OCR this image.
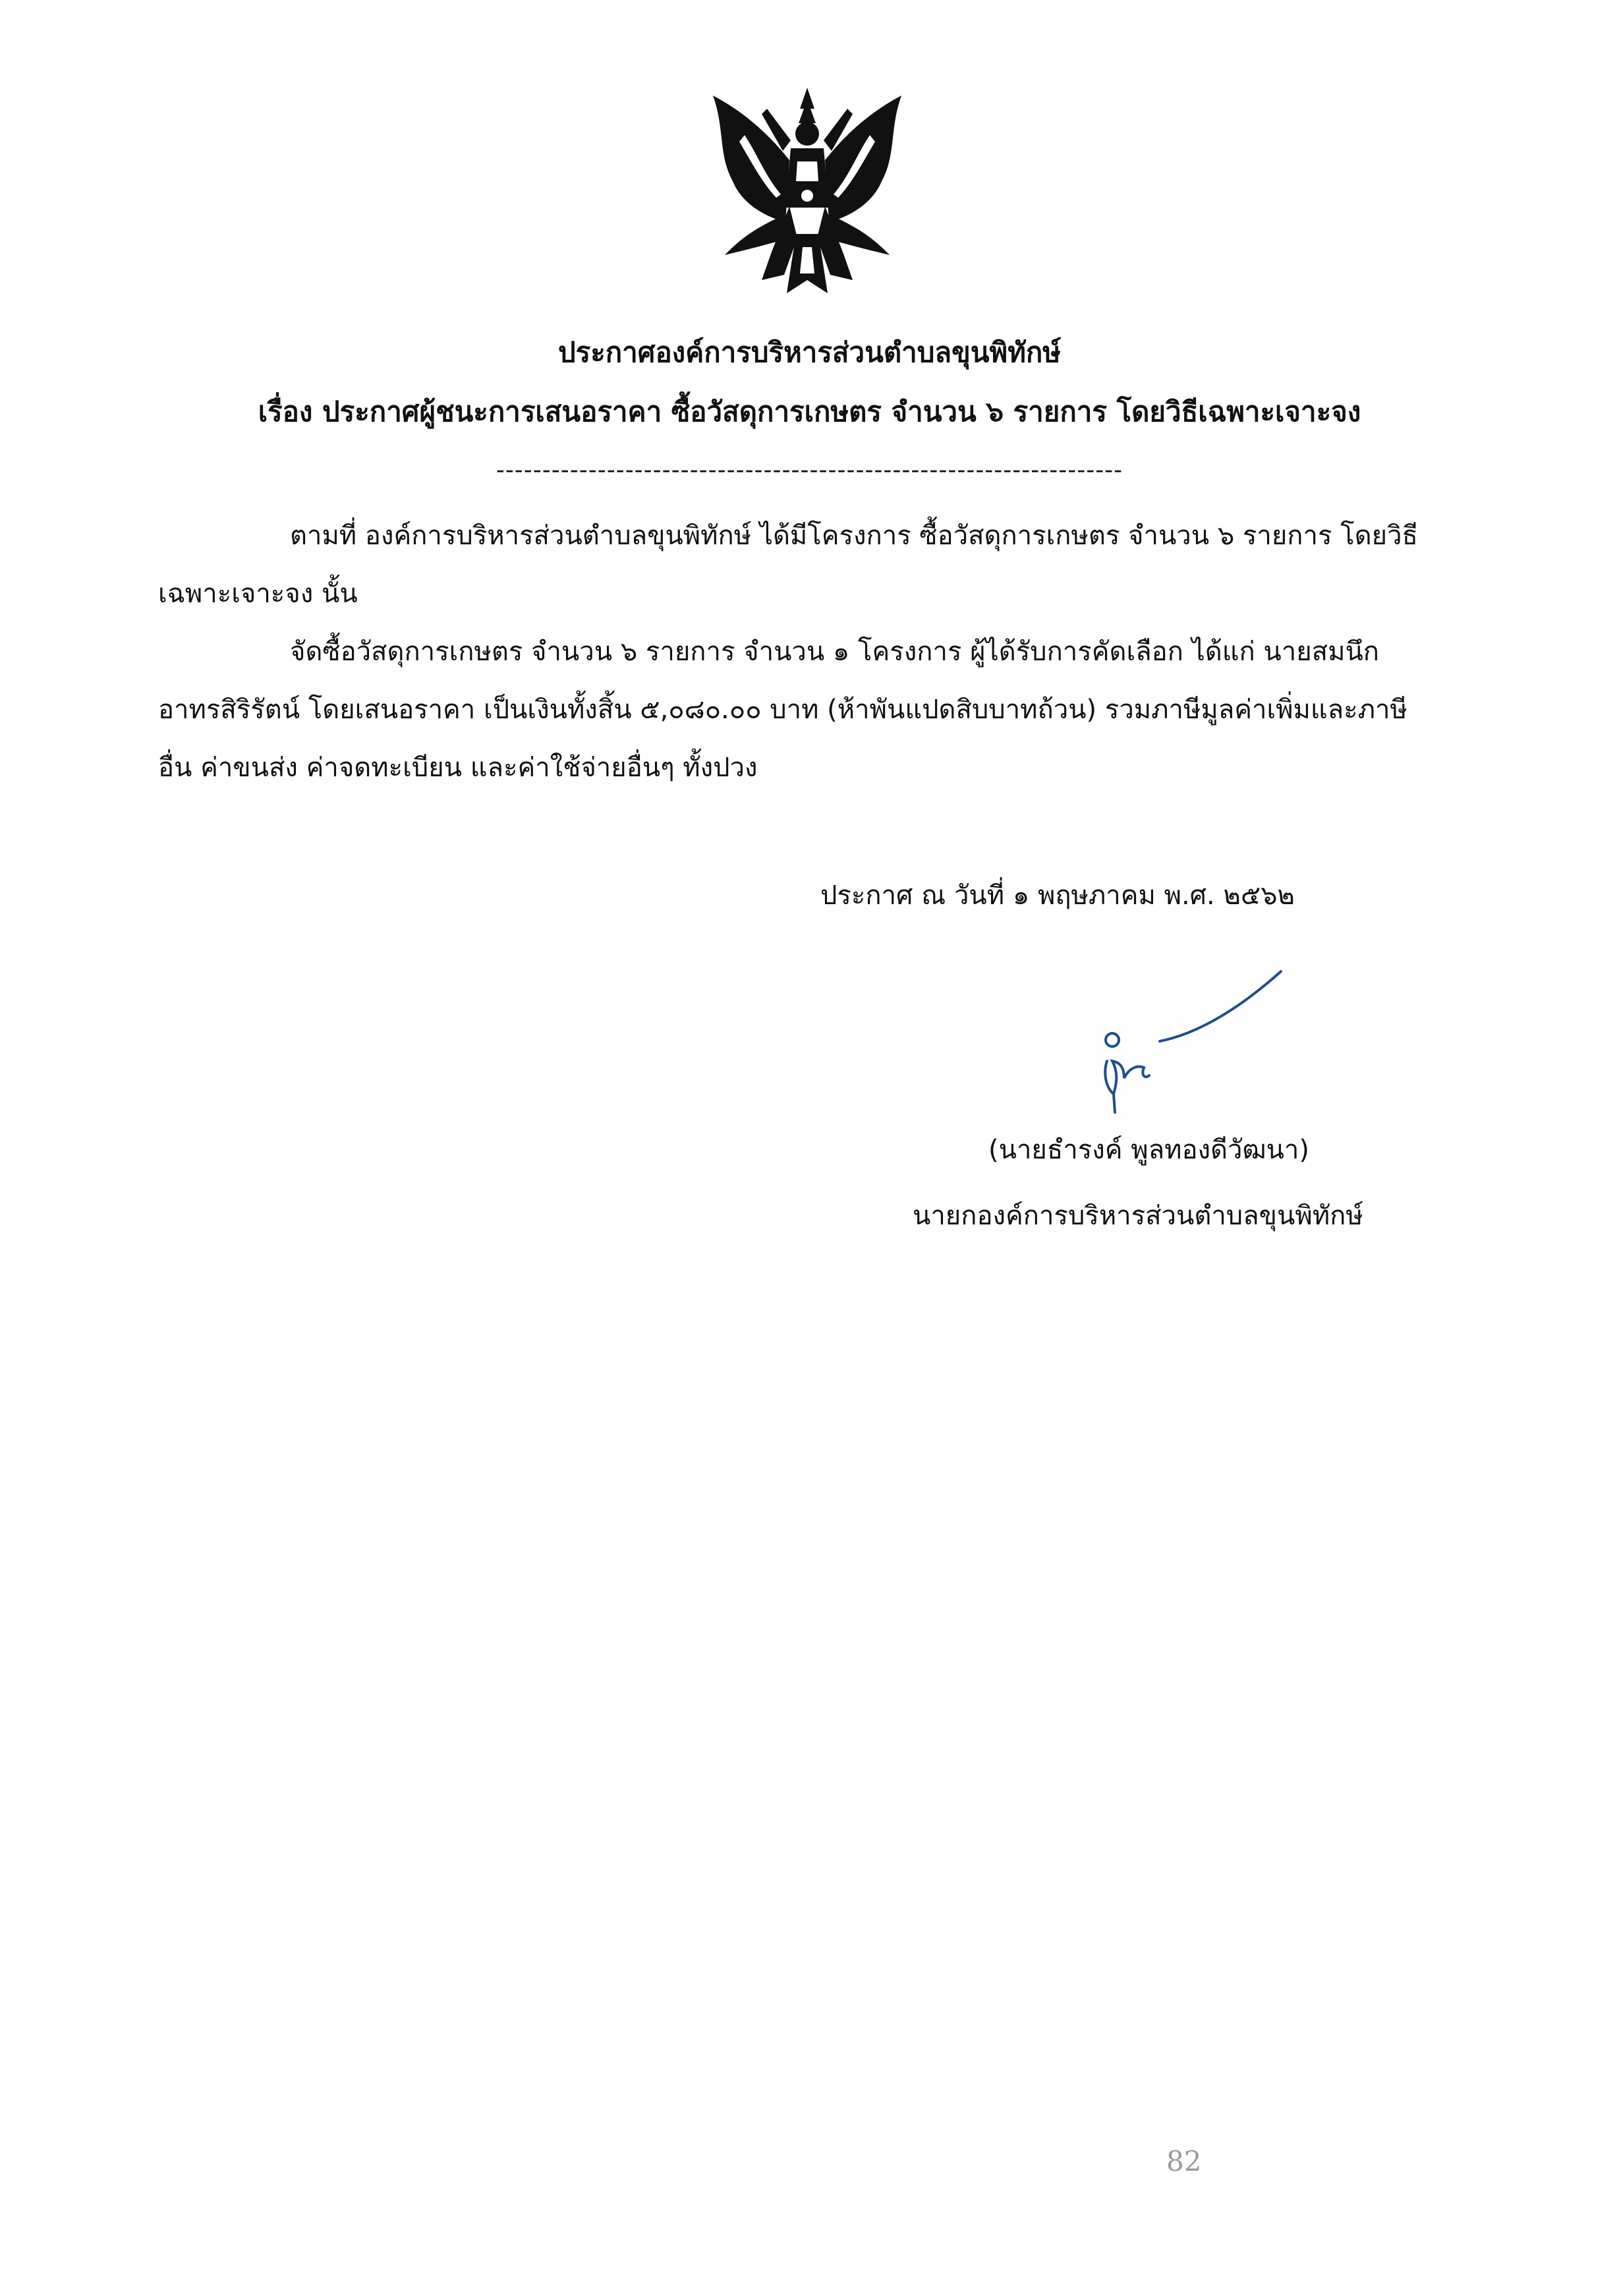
ประกาศองค์การบริหารส่วนตำบลขุนพิทักษ์
เรื่อง ประกาศผู้ชนะการเสนอราคา ซื้อวัสดุการเกษตร จำนวน ๖ รายการ โดยวิธีเฉพาะเจาะจง
--------------------------------------------------------------------
ตามที่ องค์การบริหารส่วนตำบลขุนพิทักษ์ ได้มีโครงการ ซื้อวัสดุการเกษตร จำนวน ๖ รายการ โดยวิธี
เฉพาะเจาะจง นั้น
จัดซื้อวัสดุการเกษตร จำนวน ๖ รายการ จำนวน ๑ โครงการ ผู้ได้รับการคัดเลือก ได้แก่ นายสมนึก
อาทรสิริรัตน์ โดยเสนอราคา เป็นเงินทั้งสิ้น ๕,๐๘๐.๐๐ บาท (ห้าพันแปดสิบบาทถ้วน) รวมภาษีมูลค่าเพิ่มและภาษี
อื่น ค่าขนส่ง ค่าจดทะเบียน และค่าใช้จ่ายอื่นๆ ทั้งปวง
ประกาศ ณ วันที่ ๑ พฤษภาคม พ.ศ. ๒๕๖๒
(นายธำรงค์ พูลทองดีวัฒนา)
นายกองค์การบริหารส่วนตำบลขุนพิทักษ์
82
